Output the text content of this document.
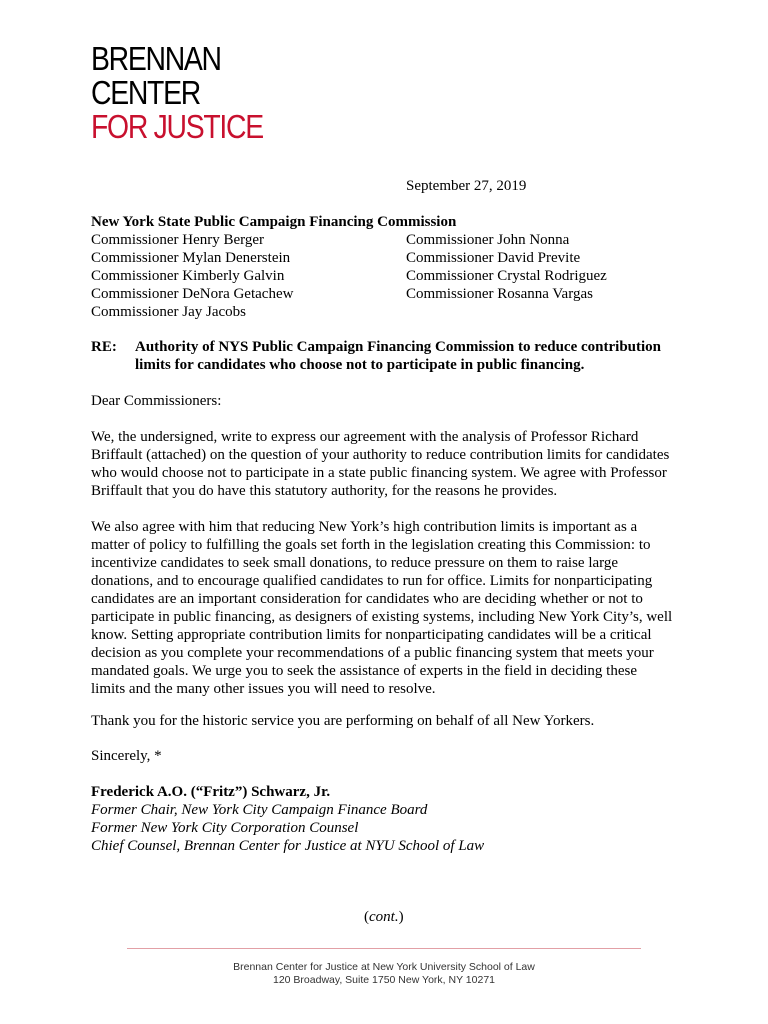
BRENNAN
CENTER
FOR JUSTICE
September 27, 2019
New York State Public Campaign Financing Commission
Commissioner Henry Berger
Commissioner Mylan Denerstein
Commissioner Kimberly Galvin
Commissioner DeNora Getachew
Commissioner Jay Jacobs
Commissioner John Nonna
Commissioner David Previte
Commissioner Crystal Rodriguez
Commissioner Rosanna Vargas
RE: Authority of NYS Public Campaign Financing Commission to reduce contribution
limits for candidates who choose not to participate in public financing.
Dear Commissioners:
We, the undersigned, write to express our agreement with the analysis of Professor Richard
Briffault (attached) on the question of your authority to reduce contribution limits for candidates
who would choose not to participate in a state public financing system. We agree with Professor
Briffault that you do have this statutory authority, for the reasons he provides.
We also agree with him that reducing New York’s high contribution limits is important as a
matter of policy to fulfilling the goals set forth in the legislation creating this Commission: to
incentivize candidates to seek small donations, to reduce pressure on them to raise large
donations, and to encourage qualified candidates to run for office. Limits for nonparticipating
candidates are an important consideration for candidates who are deciding whether or not to
participate in public financing, as designers of existing systems, including New York City’s, well
know. Setting appropriate contribution limits for nonparticipating candidates will be a critical
decision as you complete your recommendations of a public financing system that meets your
mandated goals. We urge you to seek the assistance of experts in the field in deciding these
limits and the many other issues you will need to resolve.
Thank you for the historic service you are performing on behalf of all New Yorkers.
Sincerely, *
Frederick A.O. (“Fritz”) Schwarz, Jr.
Former Chair, New York City Campaign Finance Board
Former New York City Corporation Counsel
Chief Counsel, Brennan Center for Justice at NYU School of Law
(cont.)
Brennan Center for Justice at New York University School of Law
120 Broadway, Suite 1750 New York, NY 10271
